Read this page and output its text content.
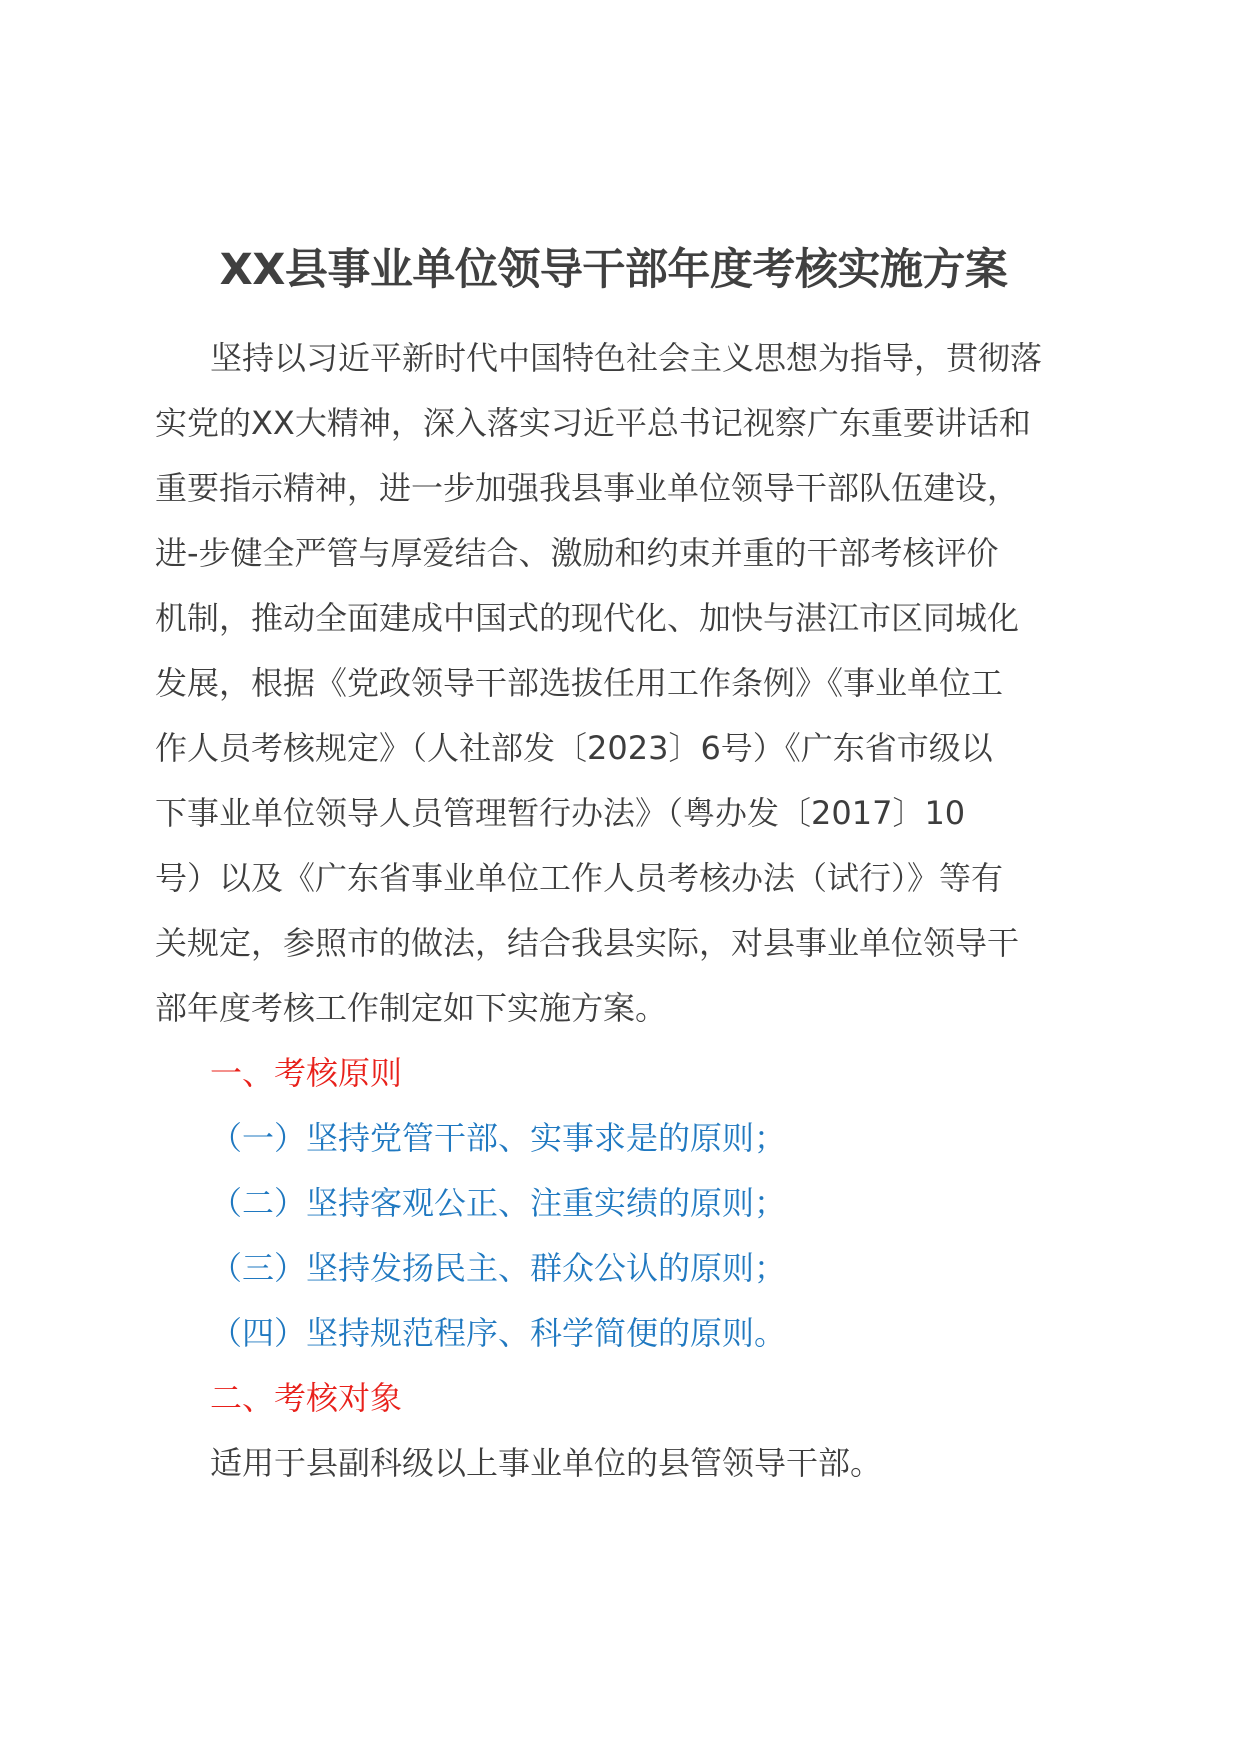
XX县事业单位领导干部年度考核实施方案

坚持以习近平新时代中国特色社会主义思想为指导，贯彻落
实党的XX大精神，深入落实习近平总书记视察广东重要讲话和
重要指示精神，进一步加强我县事业单位领导干部队伍建设，
进-步健全严管与厚爱结合、激励和约束并重的干部考核评价
机制，推动全面建成中国式的现代化、加快与湛江市区同城化
发展，根据《党政领导干部选拔任用工作条例》《事业单位工
作人员考核规定》（人社部发〔2023〕6号）《广东省市级以
下事业单位领导人员管理暂行办法》（粤办发〔2017〕10
号）以及《广东省事业单位工作人员考核办法（试行）》等有
关规定，参照市的做法，结合我县实际，对县事业单位领导干
部年度考核工作制定如下实施方案。

一、考核原则
（一）坚持党管干部、实事求是的原则；
（二）坚持客观公正、注重实绩的原则；
（三）坚持发扬民主、群众公认的原则；
（四）坚持规范程序、科学简便的原则。
二、考核对象
适用于县副科级以上事业单位的县管领导干部。
